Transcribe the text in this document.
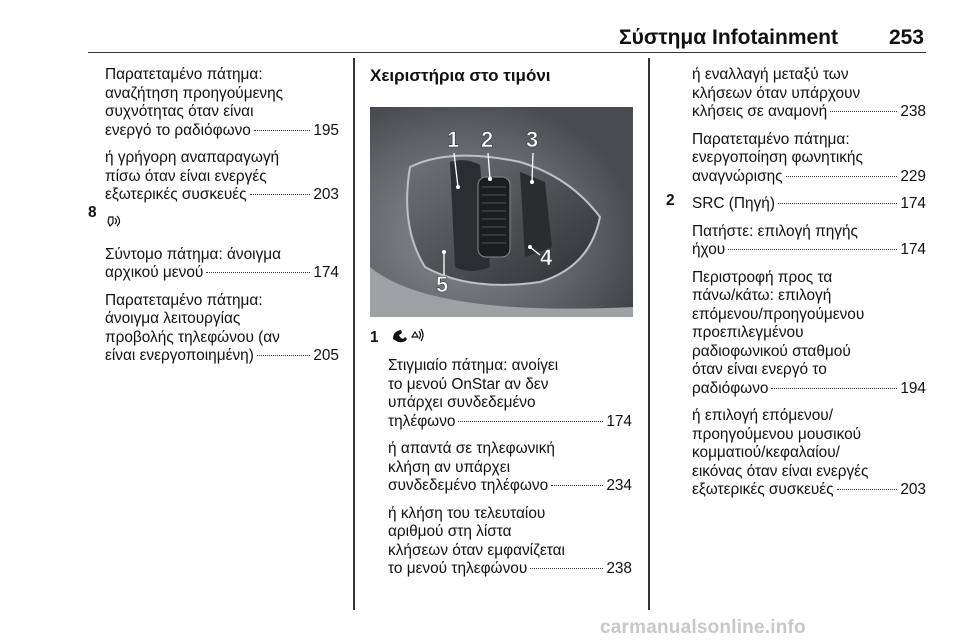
Σύστημα Infotainment 253
Παρατεταμένο πάτημα:
αναζήτηση προηγούμενης
συχνότητας όταν είναι
ενεργό το ραδιόφωνο	195
ή γρήγορη αναπαραγωγή
πίσω όταν είναι ενεργές
εξωτερικές συσκευές	203
Σύντομο πάτημα: άνοιγμα
αρχικού μενού	174
Παρατεταμένο πάτημα:
άνοιγμα λειτουργίας
προβολής τηλεφώνου (αν
είναι ενεργοποιημένη)	205
8
Χειριστήρια στο τιμόνι
1 2 3
4
5
1
Στιγμιαίο πάτημα: ανοίγει
το μενού OnStar αν δεν
υπάρχει συνδεδεμένο
τηλέφωνο	174
ή απαντά σε τηλεφωνική
κλήση αν υπάρχει
συνδεδεμένο τηλέφωνο	234
ή κλήση του τελευταίου
αριθμού στη λίστα
κλήσεων όταν εμφανίζεται
το μενού τηλεφώνου	238
ή εναλλαγή μεταξύ των
κλήσεων όταν υπάρχουν
κλήσεις σε αναμονή	238
Παρατεταμένο πάτημα:
ενεργοποίηση φωνητικής
αναγνώρισης	229
SRC (Πηγή)	174
Πατήστε: επιλογή πηγής
ήχου	174
Περιστροφή προς τα
πάνω/κάτω: επιλογή
επόμενου/προηγούμενου
προεπιλεγμένου
ραδιοφωνικού σταθμού
όταν είναι ενεργό το
ραδιόφωνο	194
ή επιλογή επόμενου/
προηγούμενου μουσικού
κομματιού/κεφαλαίου/
εικόνας όταν είναι ενεργές
εξωτερικές συσκευές	203
2
carmanualsonline.info
